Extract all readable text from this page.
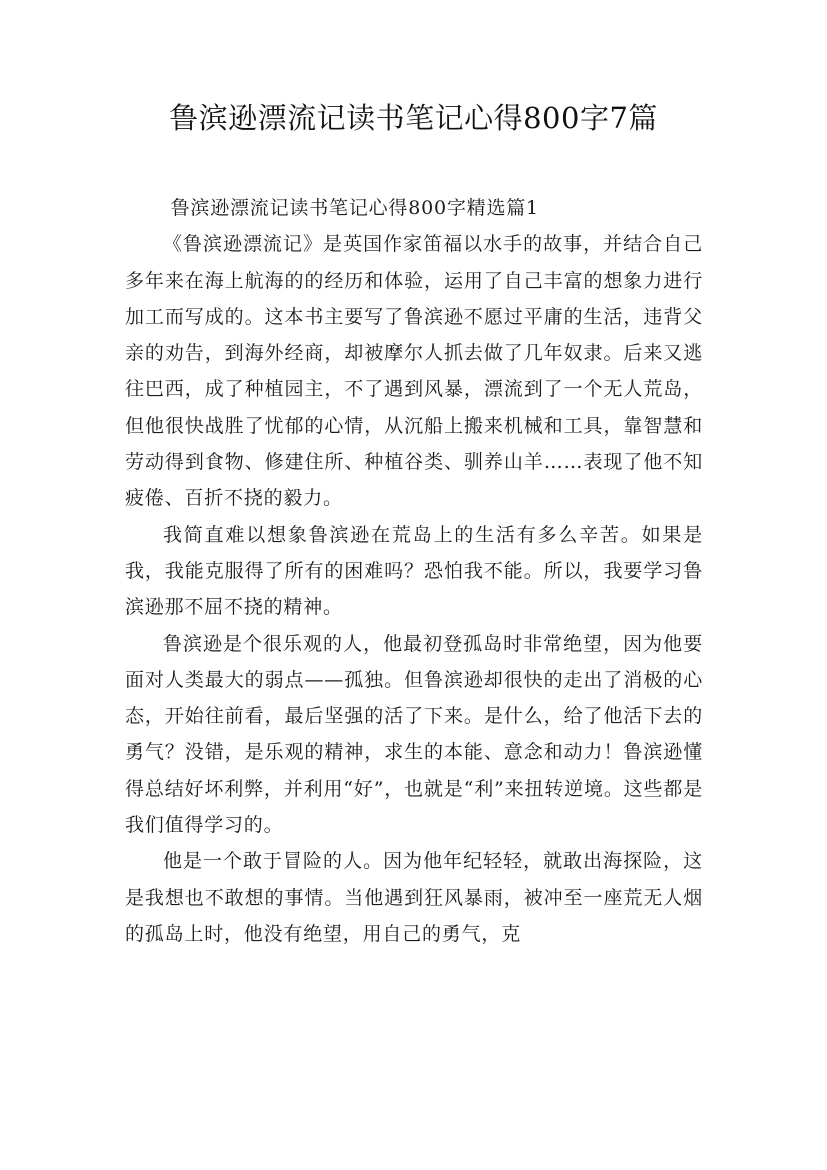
鲁滨逊漂流记读书笔记心得800字7篇

鲁滨逊漂流记读书笔记心得800字精选篇1

《鲁滨逊漂流记》是英国作家笛福以水手的故事，并结合自己多年来在海上航海的的经历和体验，运用了自己丰富的想象力进行加工而写成的。这本书主要写了鲁滨逊不愿过平庸的生活，违背父亲的劝告，到海外经商，却被摩尔人抓去做了几年奴隶。后来又逃往巴西，成了种植园主，不了遇到风暴，漂流到了一个无人荒岛，但他很快战胜了忧郁的心情，从沉船上搬来机械和工具，靠智慧和劳动得到食物、修建住所、种植谷类、驯养山羊……表现了他不知疲倦、百折不挠的毅力。

我简直难以想象鲁滨逊在荒岛上的生活有多么辛苦。如果是我，我能克服得了所有的困难吗？恐怕我不能。所以，我要学习鲁滨逊那不屈不挠的精神。

鲁滨逊是个很乐观的人，他最初登孤岛时非常绝望，因为他要面对人类最大的弱点——孤独。但鲁滨逊却很快的走出了消极的心态，开始往前看，最后坚强的活了下来。是什么，给了他活下去的勇气？没错，是乐观的精神，求生的本能、意念和动力！鲁滨逊懂得总结好坏利弊，并利用“好”，也就是“利”来扭转逆境。这些都是我们值得学习的。

他是一个敢于冒险的人。因为他年纪轻轻，就敢出海探险，这是我想也不敢想的事情。当他遇到狂风暴雨，被冲至一座荒无人烟的孤岛上时，他没有绝望，用自己的勇气，克
